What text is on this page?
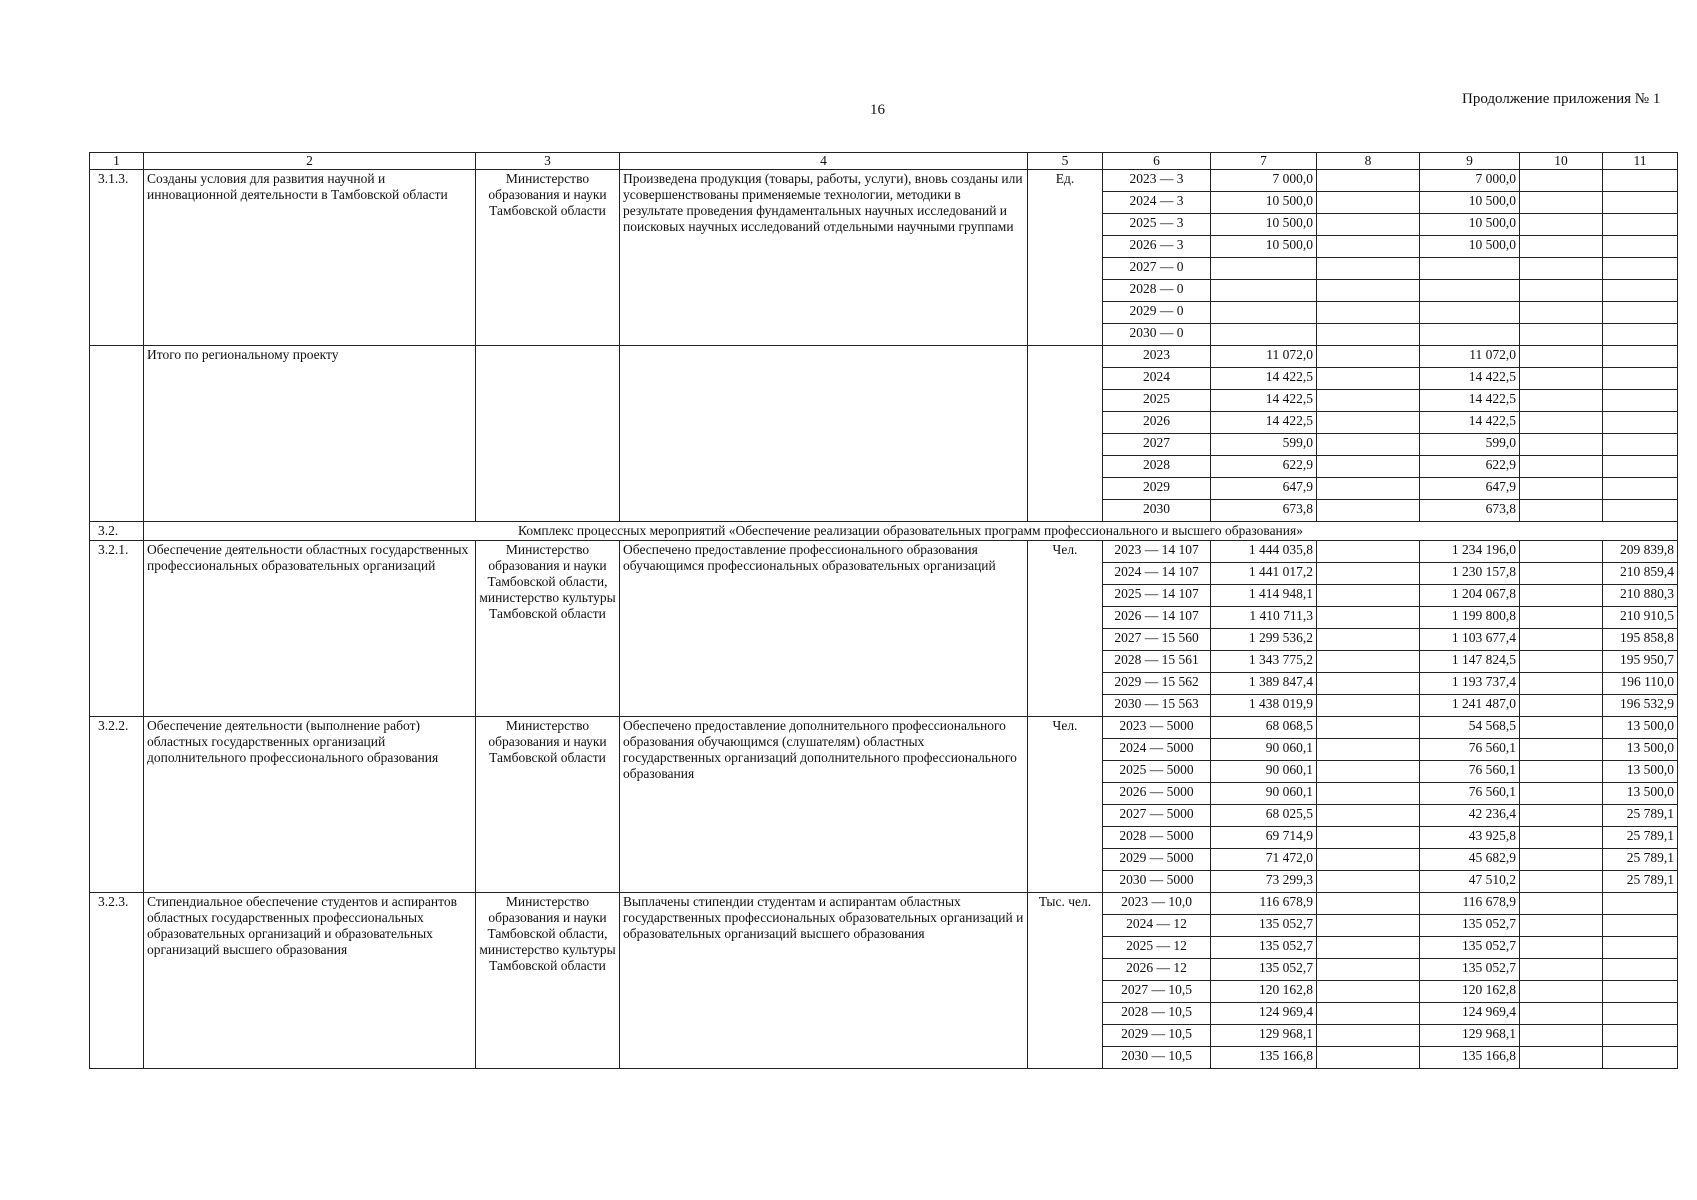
Продолжение приложения № 1
16
1	2	3	4	5	6	7	8	9	10	11
3.1.3.	Созданы условия для развития научной и инновационной деятельности в Тамбовской области	Министерство образования и науки Тамбовской области	Произведена продукция (товары, работы, услуги), вновь созданы или усовершенствованы применяемые технологии, методики в результате проведения фундаментальных научных исследований и поисковых научных исследований отдельными научными группами	Ед.	2023 — 3	7 000,0		7 000,0		
					2024 — 3	10 500,0		10 500,0		
					2025 — 3	10 500,0		10 500,0		
					2026 — 3	10 500,0		10 500,0		
					2027 — 0					
					2028 — 0					
					2029 — 0					
					2030 — 0					
	Итого по региональному проекту				2023	11 072,0		11 072,0		
					2024	14 422,5		14 422,5		
					2025	14 422,5		14 422,5		
					2026	14 422,5		14 422,5		
					2027	599,0		599,0		
					2028	622,9		622,9		
					2029	647,9		647,9		
					2030	673,8		673,8		
3.2.	Комплекс процессных мероприятий «Обеспечение реализации образовательных программ профессионального и высшего образования»									
3.2.1.	Обеспечение деятельности областных государственных профессиональных образовательных организаций	Министерство образования и науки Тамбовской области, министерство культуры Тамбовской области	Обеспечено предоставление профессионального образования обучающимся профессиональных образовательных организаций	Чел.	2023 — 14 107	1 444 035,8		1 234 196,0		209 839,8
					2024 — 14 107	1 441 017,2		1 230 157,8		210 859,4
					2025 — 14 107	1 414 948,1		1 204 067,8		210 880,3
					2026 — 14 107	1 410 711,3		1 199 800,8		210 910,5
					2027 — 15 560	1 299 536,2		1 103 677,4		195 858,8
					2028 — 15 561	1 343 775,2		1 147 824,5		195 950,7
					2029 — 15 562	1 389 847,4		1 193 737,4		196 110,0
					2030 — 15 563	1 438 019,9		1 241 487,0		196 532,9
3.2.2.	Обеспечение деятельности (выполнение работ) областных государственных организаций дополнительного профессионального образования	Министерство образования и науки Тамбовской области	Обеспечено предоставление дополнительного профессионального образования обучающимся (слушателям) областных государственных организаций дополнительного профессионального образования	Чел.	2023 — 5000	68 068,5		54 568,5		13 500,0
					2024 — 5000	90 060,1		76 560,1		13 500,0
					2025 — 5000	90 060,1		76 560,1		13 500,0
					2026 — 5000	90 060,1		76 560,1		13 500,0
					2027 — 5000	68 025,5		42 236,4		25 789,1
					2028 — 5000	69 714,9		43 925,8		25 789,1
					2029 — 5000	71 472,0		45 682,9		25 789,1
					2030 — 5000	73 299,3		47 510,2		25 789,1
3.2.3.	Стипендиальное обеспечение студентов и аспирантов областных государственных профессиональных образовательных организаций и образовательных организаций высшего образования	Министерство образования и науки Тамбовской области, министерство культуры Тамбовской области	Выплачены стипендии студентам и аспирантам областных государственных профессиональных образовательных организаций и образовательных организаций высшего образования	Тыс. чел.	2023 — 10,0	116 678,9		116 678,9		
					2024 — 12	135 052,7		135 052,7		
					2025 — 12	135 052,7		135 052,7		
					2026 — 12	135 052,7		135 052,7		
					2027 — 10,5	120 162,8		120 162,8		
					2028 — 10,5	124 969,4		124 969,4		
					2029 — 10,5	129 968,1		129 968,1		
					2030 — 10,5	135 166,8		135 166,8		
